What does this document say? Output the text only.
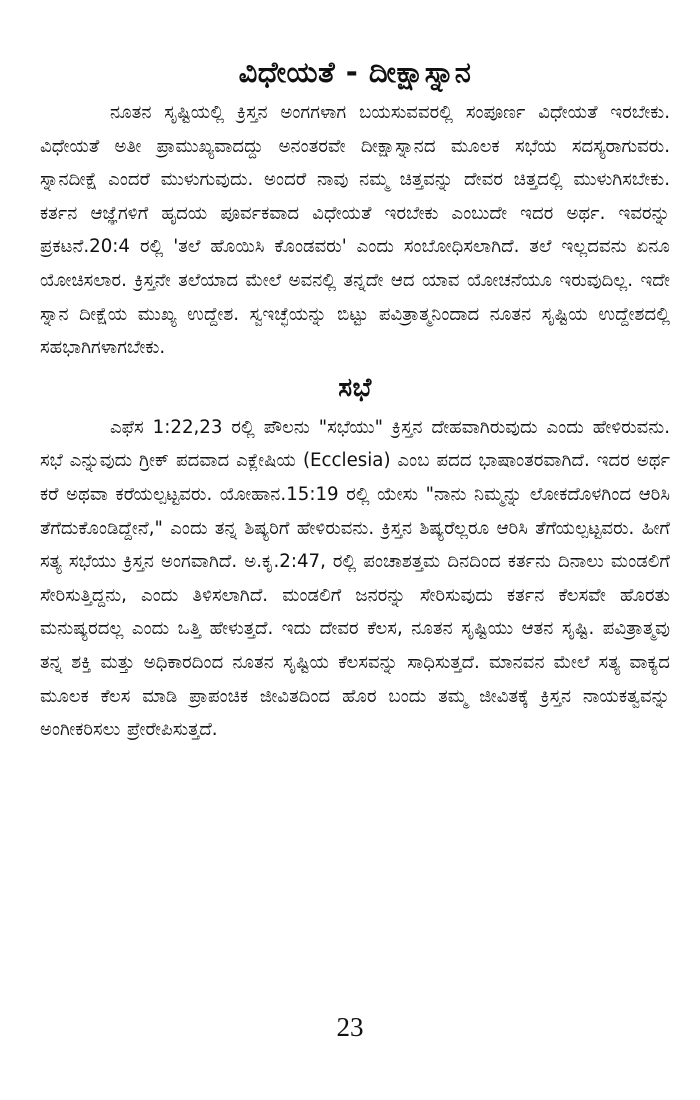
ವಿಧೇಯತೆ - ದೀಕ್ಷಾಸ್ನಾನ

ನೂತನ ಸೃಷ್ಟಿಯಲ್ಲಿ ಕ್ರಿಸ್ತನ ಅಂಗಗಳಾಗ ಬಯಸುವವರಲ್ಲಿ ಸಂಪೂರ್ಣ ವಿಧೇಯತೆ ಇರಬೇಕು. ವಿಧೇಯತೆ ಅತೀ ಪ್ರಾಮುಖ್ಯವಾದದ್ದು ಅನಂತರವೇ ದೀಕ್ಷಾಸ್ನಾನದ ಮೂಲಕ ಸಭೆಯ ಸದಸ್ಯರಾಗುವರು. ಸ್ನಾನದೀಕ್ಷೆ ಎಂದರೆ ಮುಳುಗುವುದು. ಅಂದರೆ ನಾವು ನಮ್ಮ ಚಿತ್ತವನ್ನು ದೇವರ ಚಿತ್ತದಲ್ಲಿ ಮುಳುಗಿಸಬೇಕು. ಕರ್ತನ ಆಜ್ಞೆಗಳಿಗೆ ಹೃದಯ ಪೂರ್ವಕವಾದ ವಿಧೇಯತೆ ಇರಬೇಕು ಎಂಬುದೇ ಇದರ ಅರ್ಥ. ಇವರನ್ನು ಪ್ರಕಟನೆ.20:4 ರಲ್ಲಿ 'ತಲೆ ಹೊಯಿಸಿ ಕೊಂಡವರು' ಎಂದು ಸಂಬೋಧಿಸಲಾಗಿದೆ. ತಲೆ ಇಲ್ಲದವನು ಏನೂ ಯೋಚಿಸಲಾರ. ಕ್ರಿಸ್ತನೇ ತಲೆಯಾದ ಮೇಲೆ ಅವನಲ್ಲಿ ತನ್ನದೇ ಆದ ಯಾವ ಯೋಚನೆಯೂ ಇರುವುದಿಲ್ಲ. ಇದೇ ಸ್ನಾನ ದೀಕ್ಷೆಯ ಮುಖ್ಯ ಉದ್ದೇಶ. ಸ್ವಇಚ್ಛೆಯನ್ನು ಬಿಟ್ಟು ಪವಿತ್ರಾತ್ಮನಿಂದಾದ ನೂತನ ಸೃಷ್ಟಿಯ ಉದ್ದೇಶದಲ್ಲಿ ಸಹಭಾಗಿಗಳಾಗಬೇಕು.

ಸಭೆ

ಎಫೆಸ 1:22,23 ರಲ್ಲಿ ಪೌಲನು "ಸಭೆಯು" ಕ್ರಿಸ್ತನ ದೇಹವಾಗಿರುವುದು ಎಂದು ಹೇಳಿರುವನು. ಸಭೆ ಎನ್ನುವುದು ಗ್ರೀಕ್ ಪದವಾದ ಎಕ್ಲೇಷಿಯ (Ecclesia) ಎಂಬ ಪದದ ಭಾಷಾಂತರವಾಗಿದೆ. ಇದರ ಅರ್ಥ ಕರೆ ಅಥವಾ ಕರೆಯಲ್ಪಟ್ಟವರು. ಯೋಹಾನ.15:19 ರಲ್ಲಿ ಯೇಸು "ನಾನು ನಿಮ್ಮನ್ನು ಲೋಕದೊಳಗಿಂದ ಆರಿಸಿ ತೆಗೆದುಕೊಂಡಿದ್ದೇನೆ," ಎಂದು ತನ್ನ ಶಿಷ್ಯರಿಗೆ ಹೇಳಿರುವನು. ಕ್ರಿಸ್ತನ ಶಿಷ್ಯರೆಲ್ಲರೂ ಆರಿಸಿ ತೆಗೆಯಲ್ಪಟ್ಟವರು. ಹೀಗೆ ಸತ್ಯ ಸಭೆಯು ಕ್ರಿಸ್ತನ ಅಂಗವಾಗಿದೆ. ಅ.ಕೃ.2:47, ರಲ್ಲಿ ಪಂಚಾಶತ್ತಮ ದಿನದಿಂದ ಕರ್ತನು ದಿನಾಲು ಮಂಡಲಿಗೆ ಸೇರಿಸುತ್ತಿದ್ದನು, ಎಂದು ತಿಳಿಸಲಾಗಿದೆ. ಮಂಡಲಿಗೆ ಜನರನ್ನು ಸೇರಿಸುವುದು ಕರ್ತನ ಕೆಲಸವೇ ಹೊರತು ಮನುಷ್ಯರದಲ್ಲ ಎಂದು ಒತ್ತಿ ಹೇಳುತ್ತದೆ. ಇದು ದೇವರ ಕೆಲಸ, ನೂತನ ಸೃಷ್ಟಿಯು ಆತನ ಸೃಷ್ಟಿ. ಪವಿತ್ರಾತ್ಮವು ತನ್ನ ಶಕ್ತಿ ಮತ್ತು ಅಧಿಕಾರದಿಂದ ನೂತನ ಸೃಷ್ಟಿಯ ಕೆಲಸವನ್ನು ಸಾಧಿಸುತ್ತದೆ. ಮಾನವನ ಮೇಲೆ ಸತ್ಯ ವಾಕ್ಯದ ಮೂಲಕ ಕೆಲಸ ಮಾಡಿ ಪ್ರಾಪಂಚಿಕ ಜೀವಿತದಿಂದ ಹೊರ ಬಂದು ತಮ್ಮ ಜೀವಿತಕ್ಕೆ ಕ್ರಿಸ್ತನ ನಾಯಕತ್ವವನ್ನು ಅಂಗೀಕರಿಸಲು ಪ್ರೇರೇಪಿಸುತ್ತದೆ.

23
